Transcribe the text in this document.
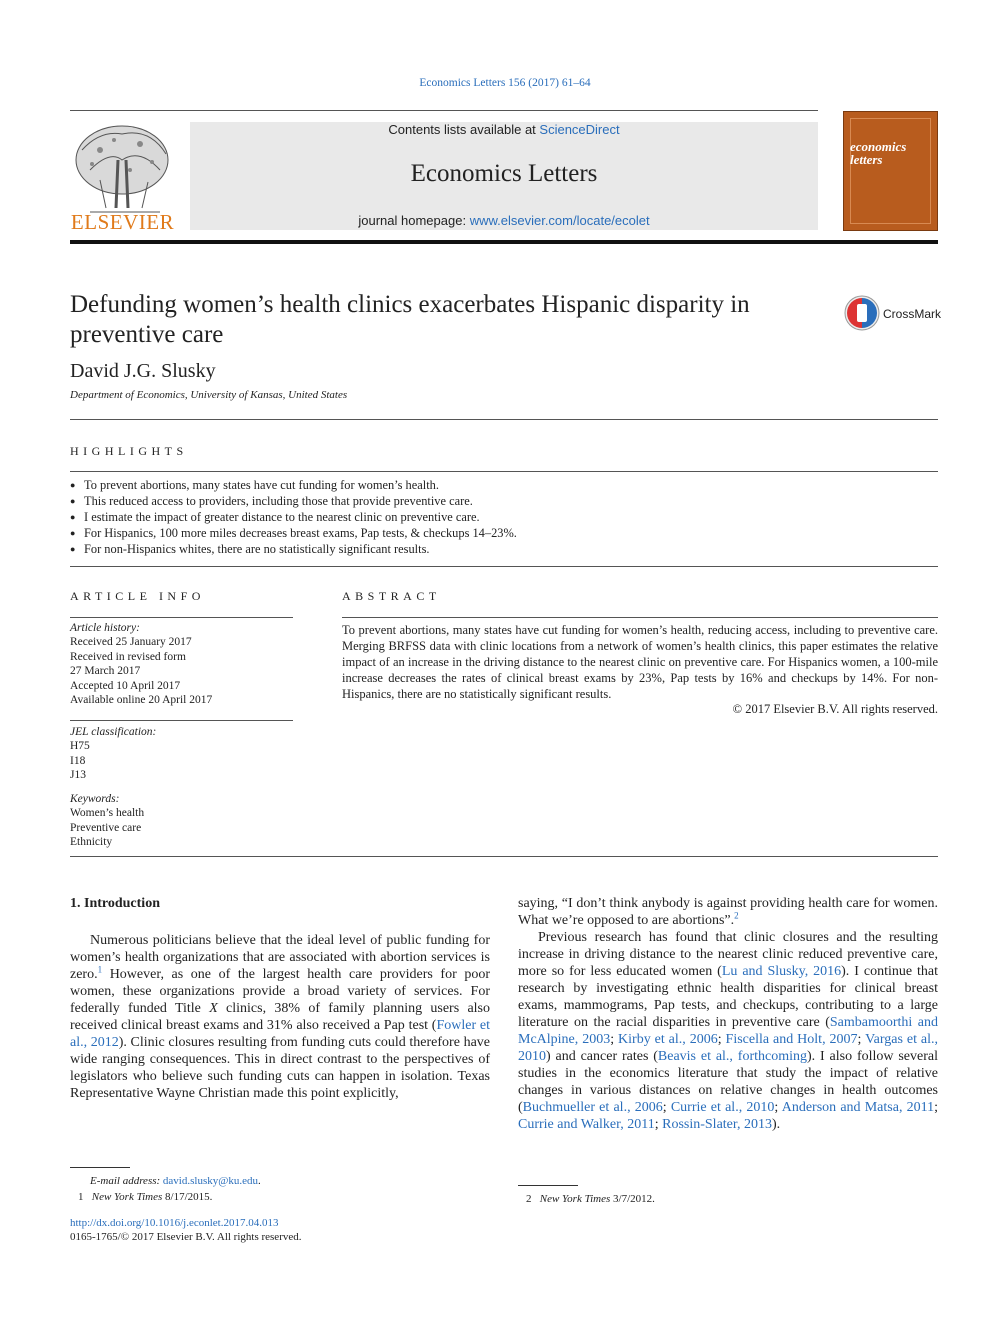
Economics Letters 156 (2017) 61–64
ELSEVIER
Contents lists available at ScienceDirect
Economics Letters
journal homepage: www.elsevier.com/locate/ecolet
economics
letters
Defunding women’s health clinics exacerbates Hispanic disparity in preventive care
CrossMark
David J.G. Slusky
Department of Economics, University of Kansas, United States
HIGHLIGHTS
● To prevent abortions, many states have cut funding for women’s health.
● This reduced access to providers, including those that provide preventive care.
● I estimate the impact of greater distance to the nearest clinic on preventive care.
● For Hispanics, 100 more miles decreases breast exams, Pap tests, & checkups 14–23%.
● For non-Hispanics whites, there are no statistically significant results.
ARTICLE INFO
Article history:
Received 25 January 2017
Received in revised form
27 March 2017
Accepted 10 April 2017
Available online 20 April 2017
JEL classification:
H75
I18
J13
Keywords:
Women’s health
Preventive care
Ethnicity
ABSTRACT
To prevent abortions, many states have cut funding for women’s health, reducing access, including to preventive care. Merging BRFSS data with clinic locations from a network of women’s health clinics, this paper estimates the relative impact of an increase in the driving distance to the nearest clinic on preventive care. For Hispanics women, a 100-mile increase decreases the rates of clinical breast exams by 23%, Pap tests by 16% and checkups by 14%. For non-Hispanics, there are no statistically significant results.
© 2017 Elsevier B.V. All rights reserved.
1. Introduction

Numerous politicians believe that the ideal level of public funding for women’s health organizations that are associated with abortion services is zero.$^1$ However, as one of the largest health care providers for poor women, these organizations provide a broad variety of services. For federally funded Title X clinics, 38% of family planning users also received clinical breast exams and 31% also received a Pap test (Fowler et al., 2012). Clinic closures resulting from funding cuts could therefore have wide ranging consequences. This in direct contrast to the perspectives of legislators who believe such funding cuts can happen in isolation. Texas Representative Wayne Christian made this point explicitly,

saying, “I don’t think anybody is against providing health care for women. What we’re opposed to are abortions”.$^2$

Previous research has found that clinic closures and the resulting increase in driving distance to the nearest clinic reduced preventive care, more so for less educated women (Lu and Slusky, 2016). I continue that research by investigating ethnic health disparities for clinical breast exams, mammograms, Pap tests, and checkups, contributing to a large literature on the racial disparities in preventive care (Sambamoorthi and McAlpine, 2003; Kirby et al., 2006; Fiscella and Holt, 2007; Vargas et al., 2010) and cancer rates (Beavis et al., forthcoming). I also follow several studies in the economics literature that study the impact of relative changes in various distances on relative changes in health outcomes (Buchmueller et al., 2006; Currie et al., 2010; Anderson and Matsa, 2011; Currie and Walker, 2011; Rossin-Slater, 2013).

E-mail address: david.slusky@ku.edu.
1 New York Times 8/17/2015.	2 New York Times 3/7/2012.
http://dx.doi.org/10.1016/j.econlet.2017.04.013
0165-1765/© 2017 Elsevier B.V. All rights reserved.
